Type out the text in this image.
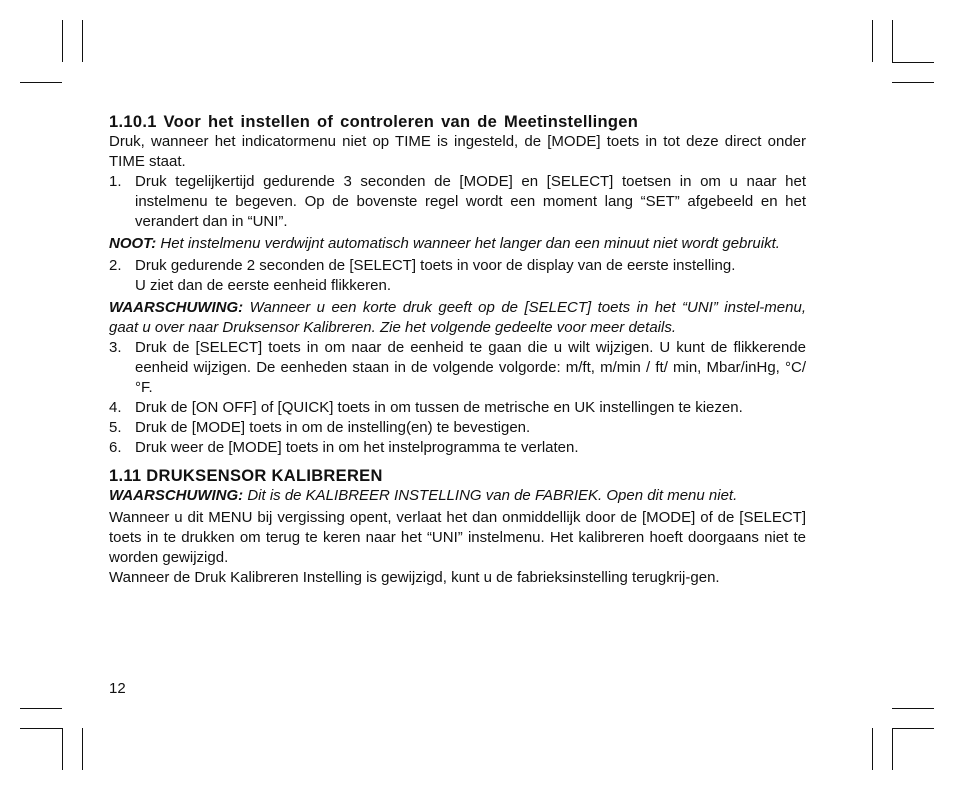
1.10.1 Voor het instellen of controleren van de Meetinstellingen

Druk, wanneer het indicatormenu niet op TIME is ingesteld, de [MODE] toets in tot deze direct onder TIME staat.

1. Druk tegelijkertijd gedurende 3 seconden de [MODE] en [SELECT] toetsen in om u naar het instelmenu te begeven. Op de bovenste regel wordt een moment lang “SET” afgebeeld en het verandert dan in “UNI”.

NOOT: Het instelmenu verdwijnt automatisch wanneer het langer dan een minuut niet wordt gebruikt.

2. Druk gedurende 2 seconden de [SELECT] toets in voor de display van de eerste instelling.
U ziet dan de eerste eenheid flikkeren.

WAARSCHUWING: Wanneer u een korte druk geeft op de [SELECT] toets in het “UNI” instel-menu, gaat u over naar Druksensor Kalibreren. Zie het volgende gedeelte voor meer details.

3. Druk de [SELECT] toets in om naar de eenheid te gaan die u wilt wijzigen. U kunt de flikkerende eenheid wijzigen. De eenheden staan in de volgende volgorde: m/ft, m/min / ft/ min, Mbar/inHg, °C/°F.
4. Druk de [ON OFF] of [QUICK] toets in om tussen de metrische en UK instellingen te kiezen.
5. Druk de [MODE] toets in om de instelling(en) te bevestigen.
6. Druk weer de [MODE] toets in om het instelprogramma te verlaten.
1.11 DRUKSENSOR KALIBREREN

WAARSCHUWING: Dit is de KALIBREER INSTELLING van de FABRIEK. Open dit menu niet.

Wanneer u dit MENU bij vergissing opent, verlaat het dan onmiddellijk door de [MODE] of de [SELECT] toets in te drukken om terug te keren naar het “UNI” instelmenu. Het kalibreren hoeft doorgaans niet te worden gewijzigd.

Wanneer de Druk Kalibreren Instelling is gewijzigd, kunt u de fabrieksinstelling terugkrij-gen.

12
